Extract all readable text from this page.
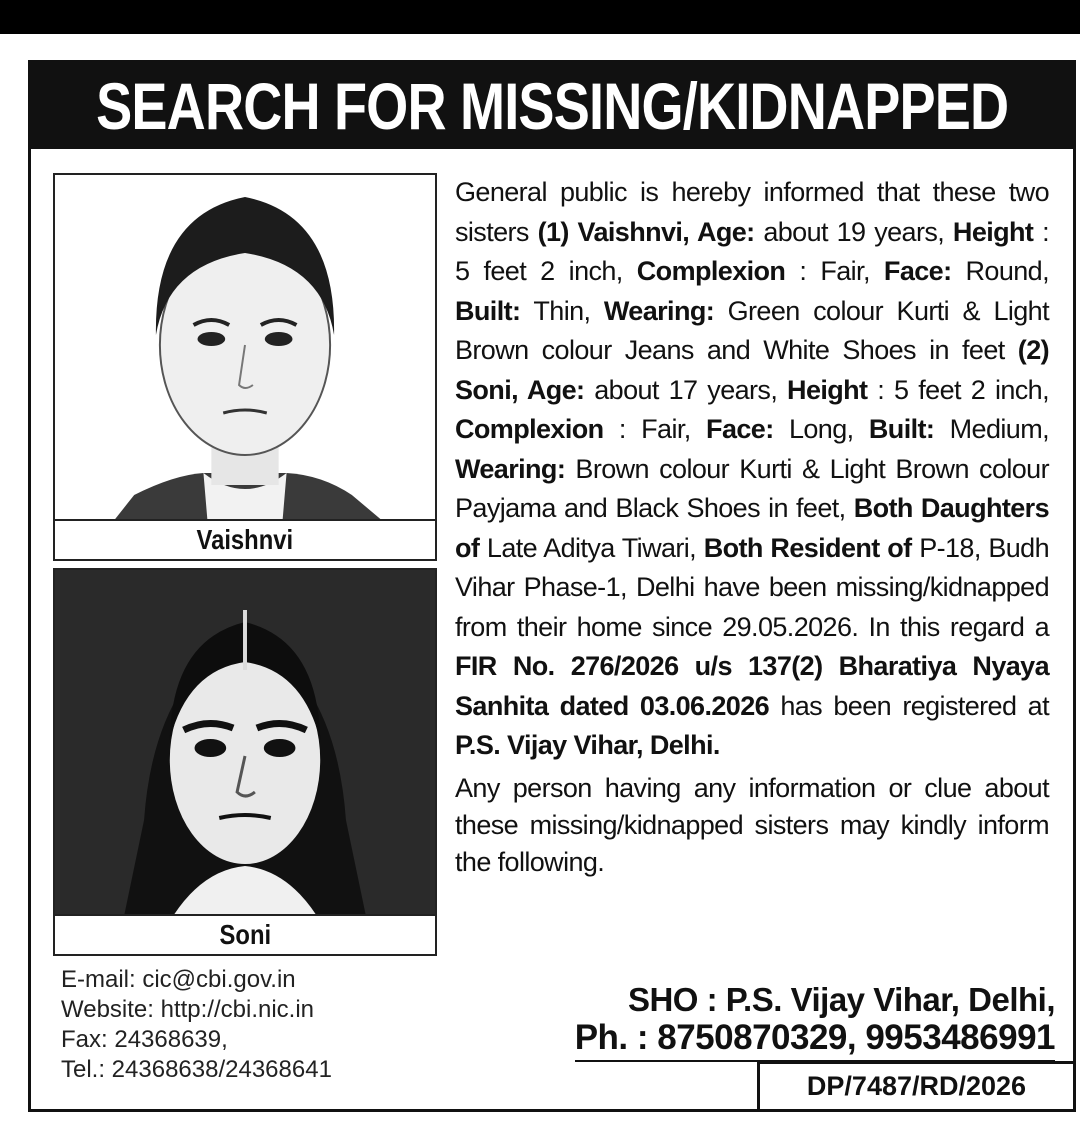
SEARCH FOR MISSING/KIDNAPPED
Vaishnvi
Soni

General public is hereby informed that these two sisters (1) Vaishnvi, Age: about 19 years, Height : 5 feet 2 inch, Complexion : Fair, Face: Round, Built: Thin, Wearing: Green colour Kurti & Light Brown colour Jeans and White Shoes in feet (2) Soni, Age: about 17 years, Height : 5 feet 2 inch, Complexion : Fair, Face: Long, Built: Medium, Wearing: Brown colour Kurti & Light Brown colour Payjama and Black Shoes in feet, Both Daughters of Late Aditya Tiwari, Both Resident of P-18, Budh Vihar Phase-1, Delhi have been missing/kidnapped from their home since 29.05.2026. In this regard a FIR No. 276/2026 u/s 137(2) Bharatiya Nyaya Sanhita dated 03.06.2026 has been registered at P.S. Vijay Vihar, Delhi.

Any person having any information or clue about these missing/kidnapped sisters may kindly inform the following.

E-mail: cic@cbi.gov.in
Website: http://cbi.nic.in
Fax: 24368639,
Tel.: 24368638/24368641
SHO : P.S. Vijay Vihar, Delhi,
Ph. : 8750870329, 9953486991
DP/7487/RD/2026
